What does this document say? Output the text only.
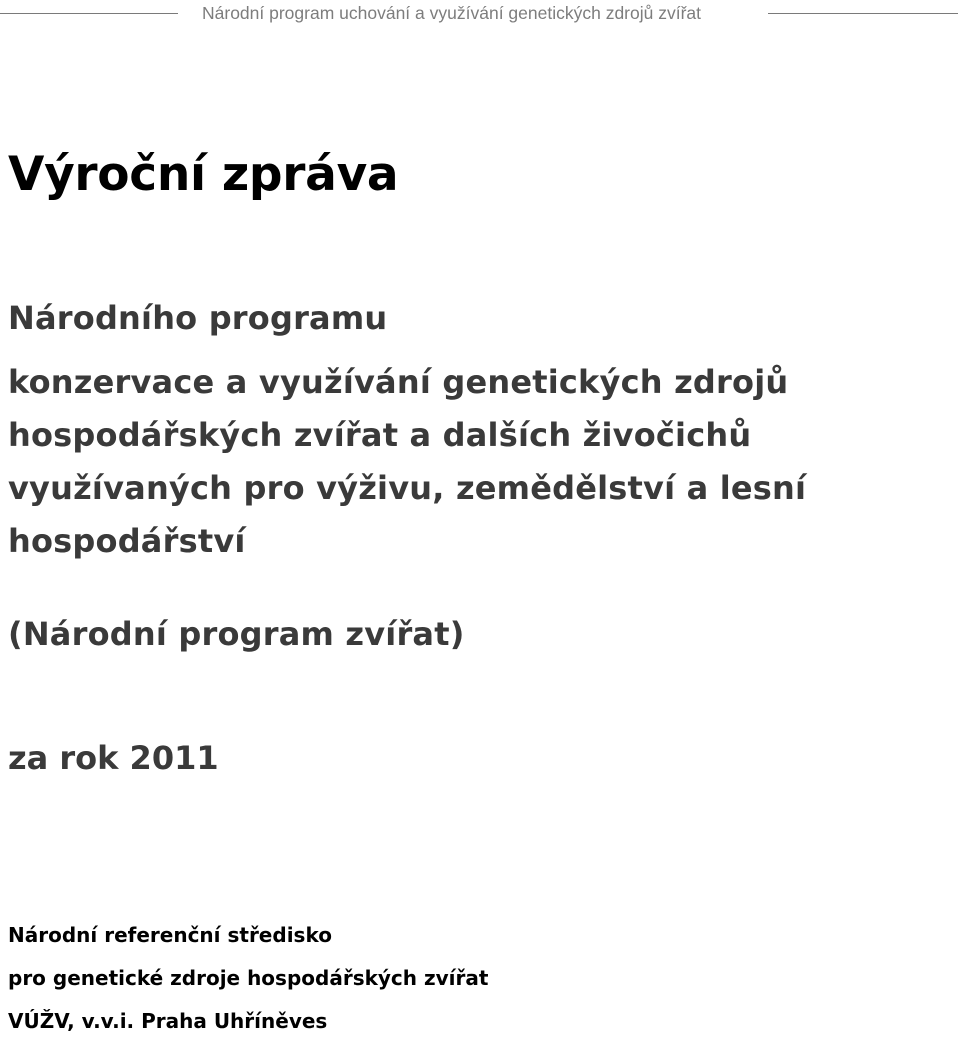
Národní program uchování a využívání genetických zdrojů zvířat
Výroční zpráva
Národního programu
konzervace a využívání genetických zdrojů
hospodářských zvířat a dalších živočichů
využívaných pro výživu, zemědělství a lesní
hospodářství
(Národní program zvířat)
za rok 2011
Národní referenční středisko
pro genetické zdroje hospodářských zvířat
VÚŽV, v.v.i. Praha Uhříněves
